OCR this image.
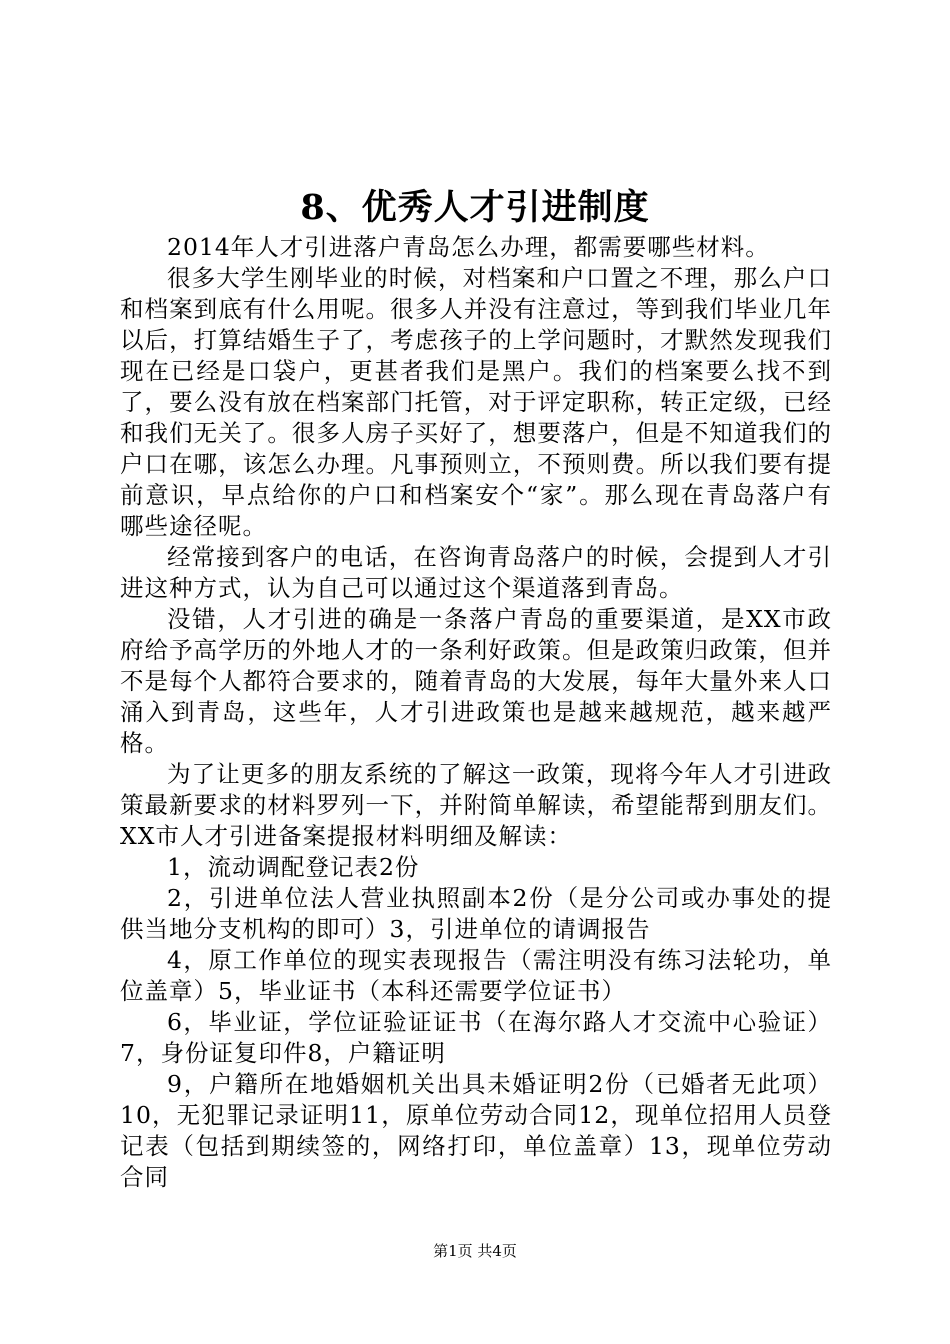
8、优秀人才引进制度

2014年人才引进落户青岛怎么办理，都需要哪些材料。

很多大学生刚毕业的时候，对档案和户口置之不理，那么户口和档案到底有什么用呢。很多人并没有注意过，等到我们毕业几年以后，打算结婚生子了，考虑孩子的上学问题时，才默然发现我们现在已经是口袋户，更甚者我们是黑户。我们的档案要么找不到了，要么没有放在档案部门托管，对于评定职称，转正定级，已经和我们无关了。很多人房子买好了，想要落户，但是不知道我们的户口在哪，该怎么办理。凡事预则立，不预则费。所以我们要有提前意识，早点给你的户口和档案安个“家”。那么现在青岛落户有哪些途径呢。

经常接到客户的电话，在咨询青岛落户的时候，会提到人才引进这种方式，认为自己可以通过这个渠道落到青岛。

没错，人才引进的确是一条落户青岛的重要渠道，是XX市政府给予高学历的外地人才的一条利好政策。但是政策归政策，但并不是每个人都符合要求的，随着青岛的大发展，每年大量外来人口涌入到青岛，这些年，人才引进政策也是越来越规范，越来越严格。

为了让更多的朋友系统的了解这一政策，现将今年人才引进政策最新要求的材料罗列一下，并附简单解读，希望能帮到朋友们。XX市人才引进备案提报材料明细及解读：

1，流动调配登记表2份

2，引进单位法人营业执照副本2份（是分公司或办事处的提供当地分支机构的即可）3，引进单位的请调报告

4，原工作单位的现实表现报告（需注明没有练习法轮功，单位盖章）5，毕业证书（本科还需要学位证书）

6，毕业证，学位证验证证书（在海尔路人才交流中心验证）7，身份证复印件8，户籍证明

9，户籍所在地婚姻机关出具未婚证明2份（已婚者无此项）10，无犯罪记录证明11，原单位劳动合同12，现单位招用人员登记表（包括到期续签的，网络打印，单位盖章）13，现单位劳动合同

第1页 共4页
